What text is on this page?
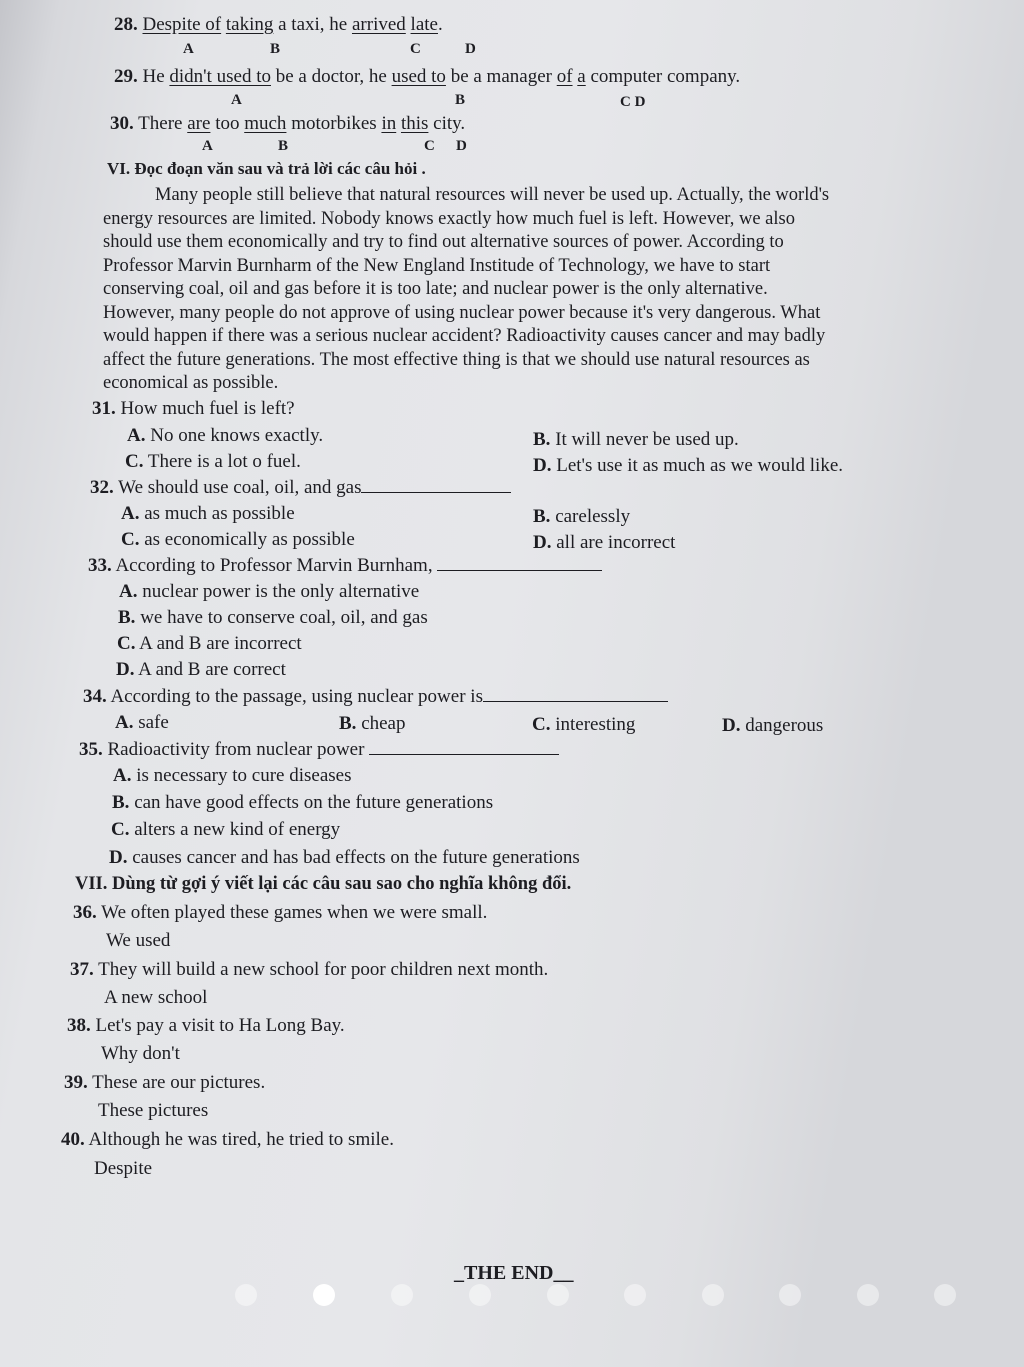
28. Despite of taking a taxi, he arrived late.
A	B	C	D
29. He didn't used to be a doctor, he used to be a manager of a computer company.
A	B	C D
30. There are too much motorbikes in this city.
A	B	C D
VI. Đọc đoạn văn sau và trả lời các câu hỏi .
Many people still believe that natural resources will never be used up. Actually, the world's
energy resources are limited. Nobody knows exactly how much fuel is left. However, we also
should use them economically and try to find out alternative sources of power. According to
Professor Marvin Burnharm of the New England Institude of Technology, we have to start
conserving coal, oil and gas before it is too late; and nuclear power is the only alternative.
However, many people do not approve of using nuclear power because it's very dangerous. What
would happen if there was a serious nuclear accident? Radioactivity causes cancer and may badly
affect the future generations. The most effective thing is that we should use natural resources as
economical as possible.
31. How much fuel is left?
A. No one knows exactly.	B. It will never be used up.
C. There is a lot o fuel.	D. Let's use it as much as we would like.
32. We should use coal, oil, and gas
A. as much as possible	B. carelessly
C. as economically as possible	D. all are incorrect
33. According to Professor Marvin Burnham,
A. nuclear power is the only alternative
B. we have to conserve coal, oil, and gas
C. A and B are incorrect
D. A and B are correct
34. According to the passage, using nuclear power is
A. safe	B. cheap	C. interesting	D. dangerous
35. Radioactivity from nuclear power
A. is necessary to cure diseases
B. can have good effects on the future generations
C. alters a new kind of energy
D. causes cancer and has bad effects on the future generations
VII. Dùng từ gợi ý viết lại các câu sau sao cho nghĩa không đổi.
36. We often played these games when we were small.
We used
37. They will build a new school for poor children next month.
A new school
38. Let's pay a visit to Ha Long Bay.
Why don't
39. These are our pictures.
These pictures
40. Although he was tired, he tried to smile.
Despite
_THE END__
